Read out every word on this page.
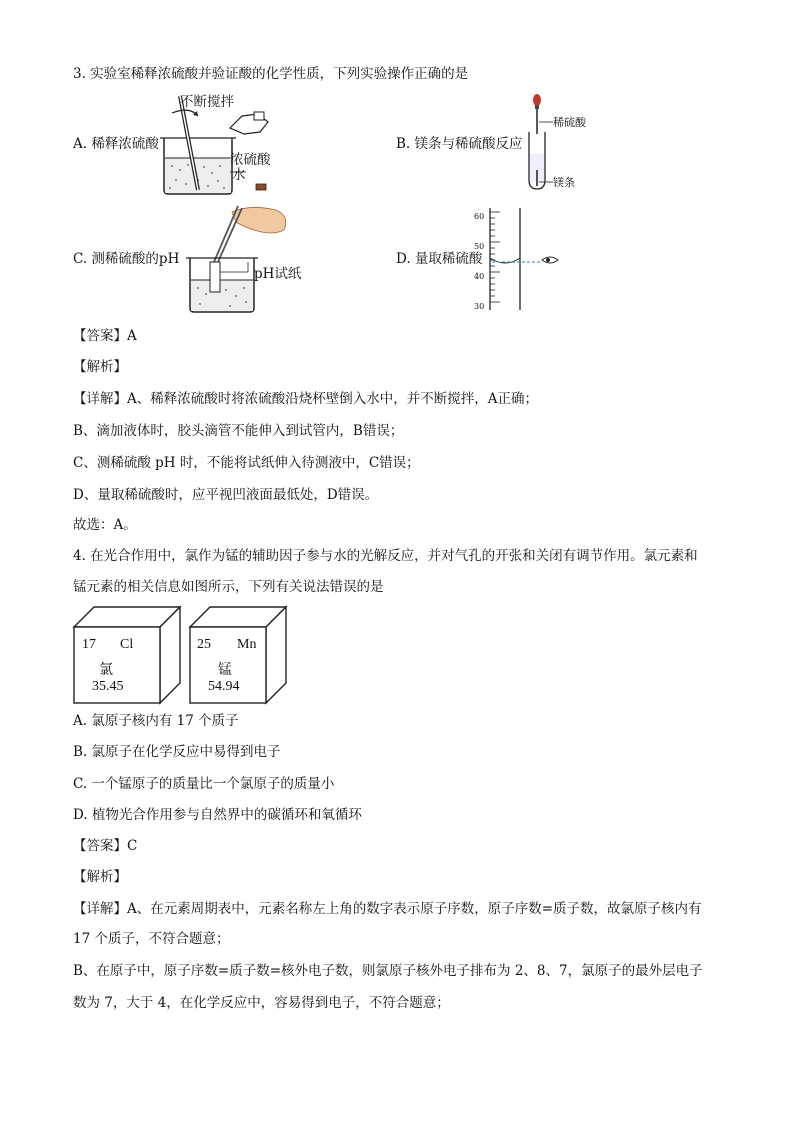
3. 实验室稀释浓硫酸并验证酸的化学性质，下列实验操作正确的是
A. 稀释浓硫酸	B. 镁条与稀硫酸反应
C. 测稀硫酸的pH	D. 量取稀硫酸
不断搅拌
浓硫酸
水
稀硫酸
镁条
pH试纸
60
50
40
30
【答案】A
【解析】
【详解】A、稀释浓硫酸时将浓硫酸沿烧杯壁倒入水中，并不断搅拌，A正确；
B、滴加液体时，胶头滴管不能伸入到试管内，B错误；
C、测稀硫酸 pH 时，不能将试纸伸入待测液中，C错误；
D、量取稀硫酸时，应平视凹液面最低处，D错误。
故选：A。
4. 在光合作用中，氯作为锰的辅助因子参与水的光解反应，并对气孔的开张和关闭有调节作用。氯元素和
锰元素的相关信息如图所示，下列有关说法错误的是
17 Cl
氯
35.45
25 Mn
锰
54.94
A. 氯原子核内有 17 个质子
B. 氯原子在化学反应中易得到电子
C. 一个锰原子的质量比一个氯原子的质量小
D. 植物光合作用参与自然界中的碳循环和氧循环
【答案】C
【解析】
【详解】A、在元素周期表中，元素名称左上角的数字表示原子序数，原子序数=质子数，故氯原子核内有
17 个质子，不符合题意；
B、在原子中，原子序数=质子数=核外电子数，则氯原子核外电子排布为 2、8、7，氯原子的最外层电子
数为 7，大于 4，在化学反应中，容易得到电子，不符合题意；
